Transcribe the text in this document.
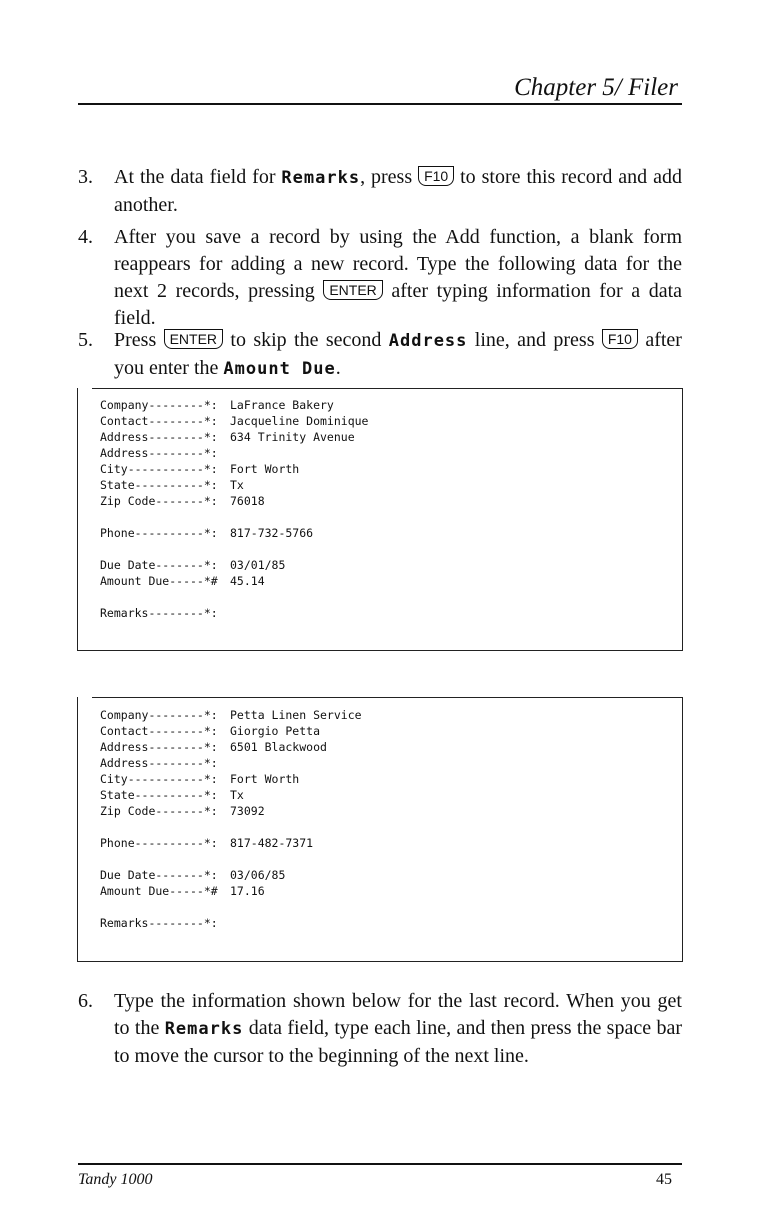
Chapter 5/ Filer
3. At the data field for Remarks, press F10 to store this record and add another.
4. After you save a record by using the Add function, a blank form reappears for adding a new record. Type the following data for the next 2 records, pressing ENTER after typing information for a data field.
5. Press ENTER to skip the second Address line, and press F10 after you enter the Amount Due.
Company--------*: LaFrance Bakery
Contact--------*: Jacqueline Dominique
Address--------*: 634 Trinity Avenue
Address--------*:
City-----------*: Fort Worth
State----------*: Tx
Zip Code-------*: 76018
Phone----------*: 817-732-5766
Due Date-------*: 03/01/85
Amount Due-----*# 45.14
Remarks--------*:
Company--------*: Petta Linen Service
Contact--------*: Giorgio Petta
Address--------*: 6501 Blackwood
Address--------*:
City-----------*: Fort Worth
State----------*: Tx
Zip Code-------*: 73092
Phone----------*: 817-482-7371
Due Date-------*: 03/06/85
Amount Due-----*# 17.16
Remarks--------*:
6. Type the information shown below for the last record. When you get to the Remarks data field, type each line, and then press the space bar to move the cursor to the beginning of the next line.
Tandy 1000	45
